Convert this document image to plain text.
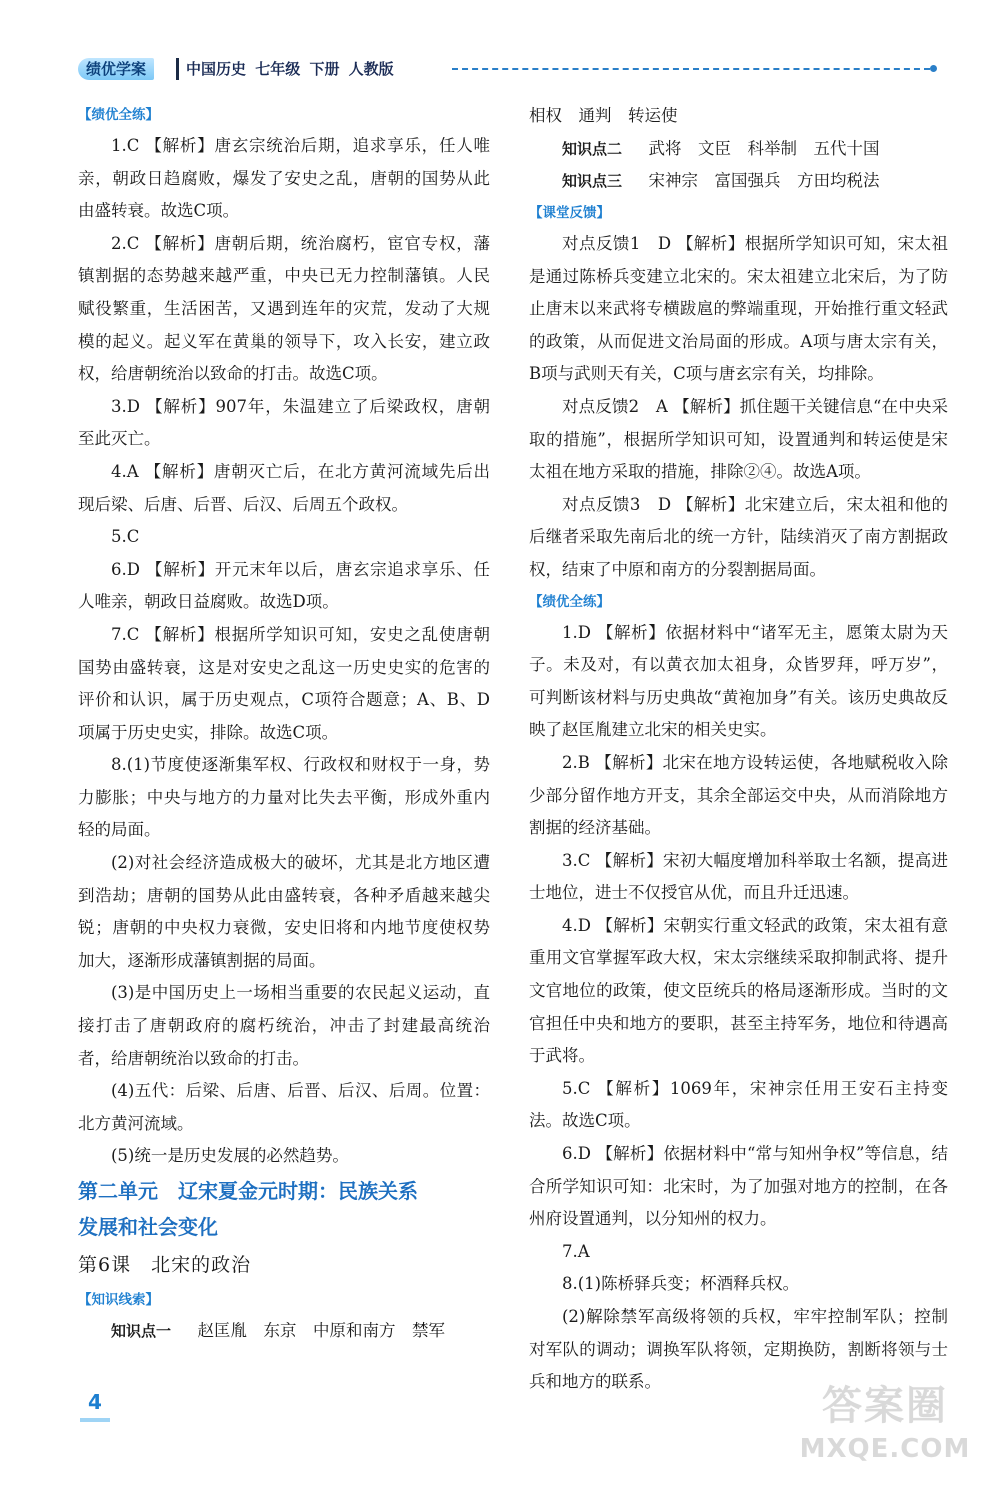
绩优学案	中国历史 七年级 下册 人教版
【绩优全练】

1.C 【解析】唐玄宗统治后期，追求享乐，任人唯亲，朝政日趋腐败，爆发了安史之乱，唐朝的国势从此由盛转衰。故选C项。

2.C 【解析】唐朝后期，统治腐朽，宦官专权，藩镇割据的态势越来越严重，中央已无力控制藩镇。人民赋役繁重，生活困苦，又遇到连年的灾荒，发动了大规模的起义。起义军在黄巢的领导下，攻入长安，建立政权，给唐朝统治以致命的打击。故选C项。

3.D 【解析】907年，朱温建立了后梁政权，唐朝至此灭亡。

4.A 【解析】唐朝灭亡后，在北方黄河流域先后出现后梁、后唐、后晋、后汉、后周五个政权。

5.C

6.D 【解析】开元末年以后，唐玄宗追求享乐、任人唯亲，朝政日益腐败。故选D项。

7.C 【解析】根据所学知识可知，安史之乱使唐朝国势由盛转衰，这是对安史之乱这一历史史实的危害的评价和认识，属于历史观点，C项符合题意；A、B、D项属于历史史实，排除。故选C项。

8.(1)节度使逐渐集军权、行政权和财权于一身，势力膨胀；中央与地方的力量对比失去平衡，形成外重内轻的局面。

(2)对社会经济造成极大的破坏，尤其是北方地区遭到浩劫；唐朝的国势从此由盛转衰，各种矛盾越来越尖锐；唐朝的中央权力衰微，安史旧将和内地节度使权势加大，逐渐形成藩镇割据的局面。

(3)是中国历史上一场相当重要的农民起义运动，直接打击了唐朝政府的腐朽统治，冲击了封建最高统治者，给唐朝统治以致命的打击。

(4)五代：后梁、后唐、后晋、后汉、后周。位置：北方黄河流域。

(5)统一是历史发展的必然趋势。

第二单元　辽宋夏金元时期：民族关系

发展和社会变化

第6课　北宋的政治

【知识线索】

知识点一 赵匡胤　东京　中原和南方　禁军

相权　通判　转运使

知识点二 武将　文臣　科举制　五代十国

知识点三 宋神宗　富国强兵　方田均税法

【课堂反馈】

对点反馈1　D 【解析】根据所学知识可知，宋太祖是通过陈桥兵变建立北宋的。宋太祖建立北宋后，为了防止唐末以来武将专横跋扈的弊端重现，开始推行重文轻武的政策，从而促进文治局面的形成。A项与唐太宗有关，B项与武则天有关，C项与唐玄宗有关，均排除。

对点反馈2　A 【解析】抓住题干关键信息“在中央采取的措施”，根据所学知识可知，设置通判和转运使是宋太祖在地方采取的措施，排除②④。故选A项。

对点反馈3　D 【解析】北宋建立后，宋太祖和他的后继者采取先南后北的统一方针，陆续消灭了南方割据政权，结束了中原和南方的分裂割据局面。

【绩优全练】

1.D 【解析】依据材料中“诸军无主，愿策太尉为天子。未及对，有以黄衣加太祖身，众皆罗拜，呼万岁”，可判断该材料与历史典故“黄袍加身”有关。该历史典故反映了赵匡胤建立北宋的相关史实。

2.B 【解析】北宋在地方设转运使，各地赋税收入除少部分留作地方开支，其余全部运交中央，从而消除地方割据的经济基础。

3.C 【解析】宋初大幅度增加科举取士名额，提高进士地位，进士不仅授官从优，而且升迁迅速。

4.D 【解析】宋朝实行重文轻武的政策，宋太祖有意重用文官掌握军政大权，宋太宗继续采取抑制武将、提升文官地位的政策，使文臣统兵的格局逐渐形成。当时的文官担任中央和地方的要职，甚至主持军务，地位和待遇高于武将。

5.C 【解析】1069年，宋神宗任用王安石主持变法。故选C项。

6.D 【解析】依据材料中“常与知州争权”等信息，结合所学知识可知：北宋时，为了加强对地方的控制，在各州府设置通判，以分知州的权力。

7.A

8.(1)陈桥驿兵变；杯酒释兵权。

(2)解除禁军高级将领的兵权，牢牢控制军队；控制对军队的调动；调换军队将领，定期换防，割断将领与士兵和地方的联系。

4	答案圈
MXQE.COM
